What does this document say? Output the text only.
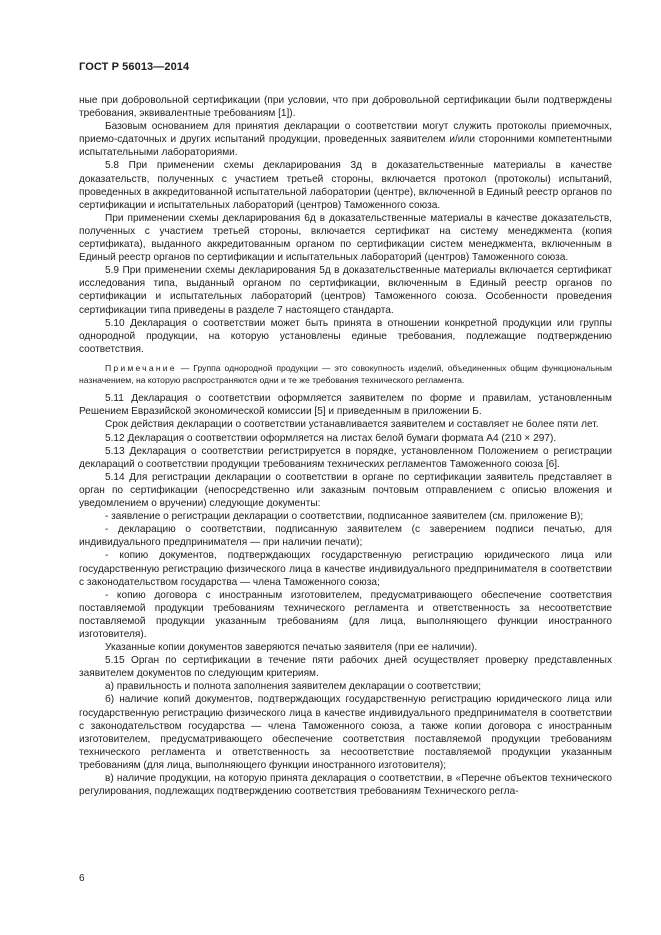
ГОСТ Р 56013—2014

ные при добровольной сертификации (при условии, что при добровольной сертификации были подтверждены требования, эквивалентные требованиям [1]).

Базовым основанием для принятия декларации о соответствии могут служить протоколы приемочных, приемо-сдаточных и других испытаний продукции, проведенных заявителем и/или сторонними компетентными испытательными лабораториями.

5.8 При применении схемы декларирования 3д в доказательственные материалы в качестве доказательств, полученных с участием третьей стороны, включается протокол (протоколы) испытаний, проведенных в аккредитованной испытательной лаборатории (центре), включенной в Единый реестр органов по сертификации и испытательных лабораторий (центров) Таможенного союза.

При применении схемы декларирования 6д в доказательственные материалы в качестве доказательств, полученных с участием третьей стороны, включается сертификат на систему менеджмента (копия сертификата), выданного аккредитованным органом по сертификации систем менеджмента, включенным в Единый реестр органов по сертификации и испытательных лабораторий (центров) Таможенного союза.

5.9 При применении схемы декларирования 5д в доказательственные материалы включается сертификат исследования типа, выданный органом по сертификации, включенным в Единый реестр органов по сертификации и испытательных лабораторий (центров) Таможенного союза. Особенности проведения сертификации типа приведены в разделе 7 настоящего стандарта.

5.10 Декларация о соответствии может быть принята в отношении конкретной продукции или группы однородной продукции, на которую установлены единые требования, подлежащие подтверждению соответствия.

Примечание — Группа однородной продукции — это совокупность изделий, объединенных общим функциональным назначением, на которую распространяются одни и те же требования технического регламента.

5.11 Декларация о соответствии оформляется заявителем по форме и правилам, установленным Решением Евразийской экономической комиссии [5] и приведенным в приложении Б.

Срок действия декларации о соответствии устанавливается заявителем и составляет не более пяти лет.

5.12 Декларация о соответствии оформляется на листах белой бумаги формата А4 (210 × 297).

5.13 Декларация о соответствии регистрируется в порядке, установленном Положением о регистрации деклараций о соответствии продукции требованиям технических регламентов Таможенного союза [6].

5.14 Для регистрации декларации о соответствии в органе по сертификации заявитель представляет в орган по сертификации (непосредственно или заказным почтовым отправлением с описью вложения и уведомлением о вручении) следующие документы:

- заявление о регистрации декларации о соответствии, подписанное заявителем (см. приложение В);

- декларацию о соответствии, подписанную заявителем (с заверением подписи печатью, для индивидуального предпринимателя — при наличии печати);

- копию документов, подтверждающих государственную регистрацию юридического лица или государственную регистрацию физического лица в качестве индивидуального предпринимателя в соответствии с законодательством государства — члена Таможенного союза;

- копию договора с иностранным изготовителем, предусматривающего обеспечение соответствия поставляемой продукции требованиям технического регламента и ответственность за несоответствие поставляемой продукции указанным требованиям (для лица, выполняющего функции иностранного изготовителя).

Указанные копии документов заверяются печатью заявителя (при ее наличии).

5.15 Орган по сертификации в течение пяти рабочих дней осуществляет проверку представленных заявителем документов по следующим критериям.

а) правильность и полнота заполнения заявителем декларации о соответствии;

б) наличие копий документов, подтверждающих государственную регистрацию юридического лица или государственную регистрацию физического лица в качестве индивидуального предпринимателя в соответствии с законодательством государства — члена Таможенного союза, а также копии договора с иностранным изготовителем, предусматривающего обеспечение соответствия поставляемой продукции требованиям технического регламента и ответственность за несоответствие поставляемой продукции указанным требованиям (для лица, выполняющего функции иностранного изготовителя);

в) наличие продукции, на которую принята декларация о соответствии, в «Перечне объектов технического регулирования, подлежащих подтверждению соответствия требованиям Технического регла-

6
